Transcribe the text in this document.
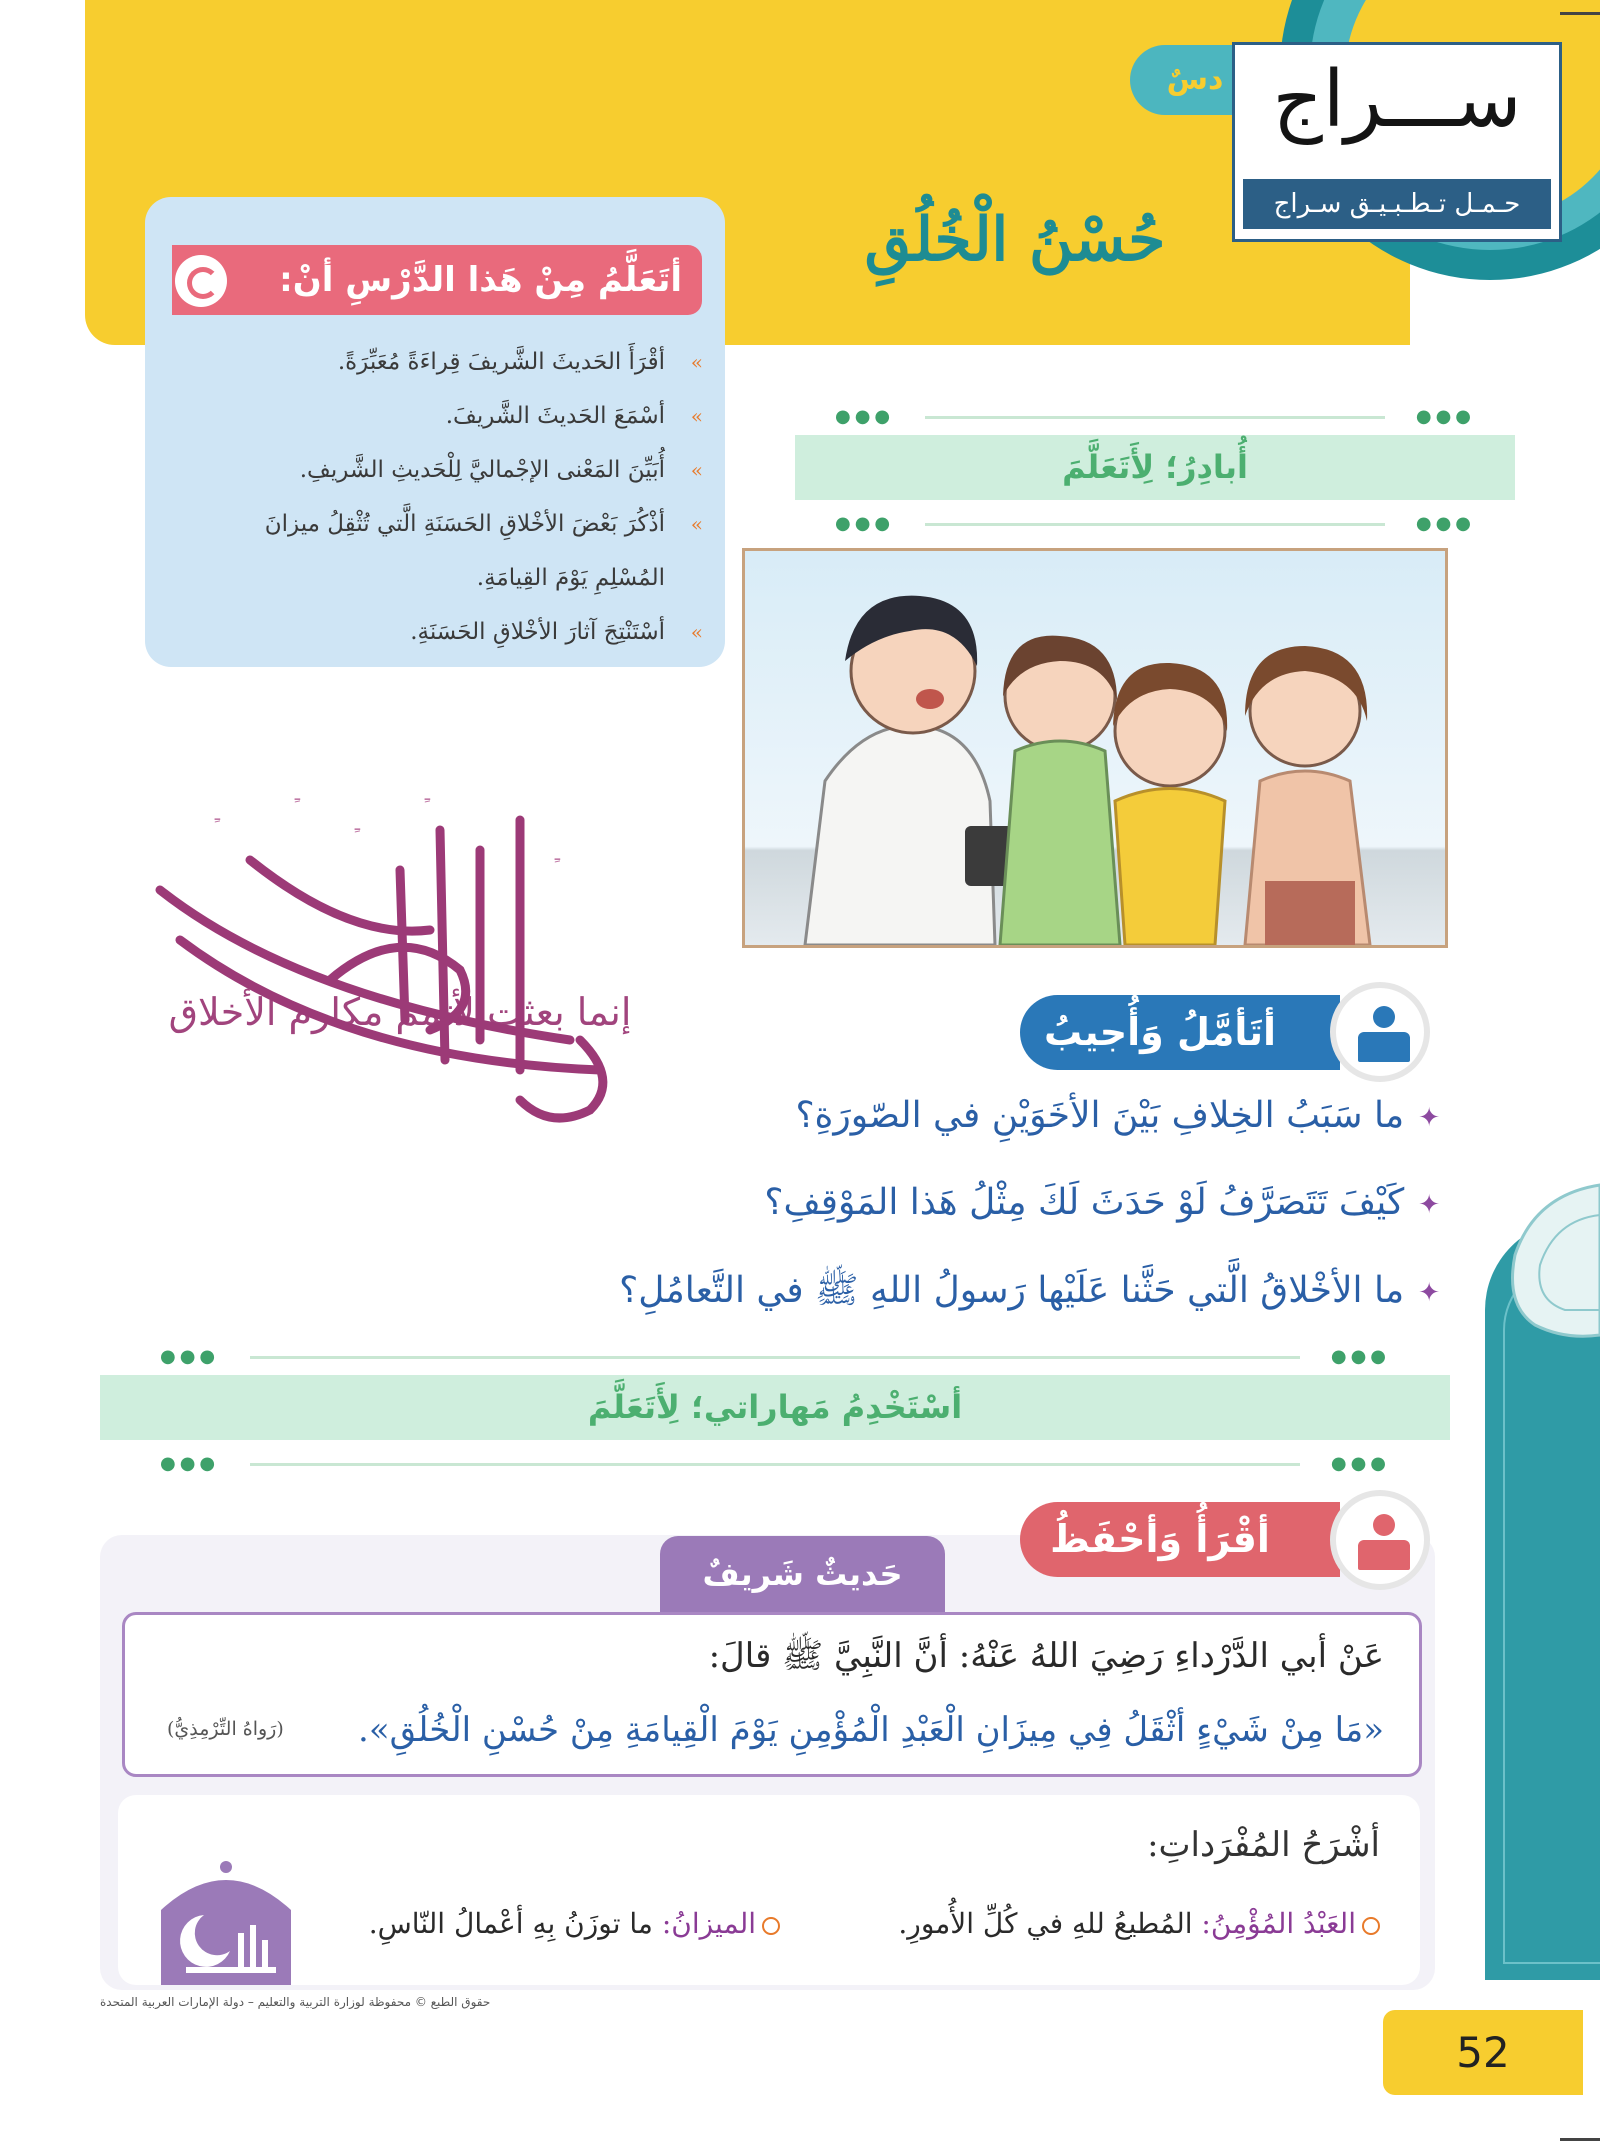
دسٌ
حُسْنُ الْخُلُقِ
ســـراج
حـمـل تـطـبـيـق سـراج
أتَعَلَّمُ مِنْ هَذا الدَّرْسِ أنْ:
»
أقْرَأَ الحَديثَ الشَّريفَ قِراءَةً مُعَبِّرَةً.
»
أسْمَعَ الحَديثَ الشَّريفَ.
»
أُبَيِّنَ المَعْنى الإجْماليَّ لِلْحَديثِ الشَّريفِ.
»
أذْكُرَ بَعْضَ الأخْلاقِ الحَسَنَةِ الَّتي تُثْقِلُ ميزانَ
المُسْلِمِ يَوْمَ القِيامَةِ.
»
أسْتَنْتِجَ آثارَ الأخْلاقِ الحَسَنَةِ.
●●●
●●●
أُبادِرُ؛ لِأَتَعَلَّمَ
●●●
●●●
ﹻ
ﹻ
ﹻ
ﹻ
ﹻ
إنما بعثت لأتمم مكارم الأخلاق	أتَأمَّلُ وَأُجيبُ
✦ما سَبَبُ الخِلافِ بَيْنَ الأخَوَيْنِ في الصّورَةِ؟
✦كَيْفَ تَتَصَرَّفُ لَوْ حَدَثَ لَكَ مِثْلُ هَذا المَوْقِفِ؟
✦ما الأخْلاقُ الَّتي حَثَّنا عَلَيْها رَسولُ اللهِ ﷺ في التَّعامُلِ؟
●●●
●●●
أسْتَخْدِمُ مَهاراتي؛ لِأَتَعَلَّمَ
●●●
●●●
أقْرَأُ وَأحْفَظُ
حَديثٌ شَريفٌ
عَنْ أبي الدَّرْداءِ رَضِيَ اللهُ عَنْهُ: أنَّ النَّبِيَّ ﷺ قالَ:
«مَا مِنْ شَيْءٍ أثْقَلُ فِي مِيزَانِ الْعَبْدِ الْمُؤْمِنِ يَوْمَ الْقِيامَةِ مِنْ حُسْنِ الْخُلُقِ».
(رَواهُ التِّرْمِذِيُّ)
أشْرَحُ المُفْرَداتِ:
العَبْدُ المُؤْمِنُ: المُطيعُ للهِ في كُلِّ الأُمورِ.
الميزانُ: ما توزَنُ بِهِ أعْمالُ النّاسِ.
حقوق الطبع © محفوظة لوزارة التربية والتعليم – دولة الإمارات العربية المتحدة
52
